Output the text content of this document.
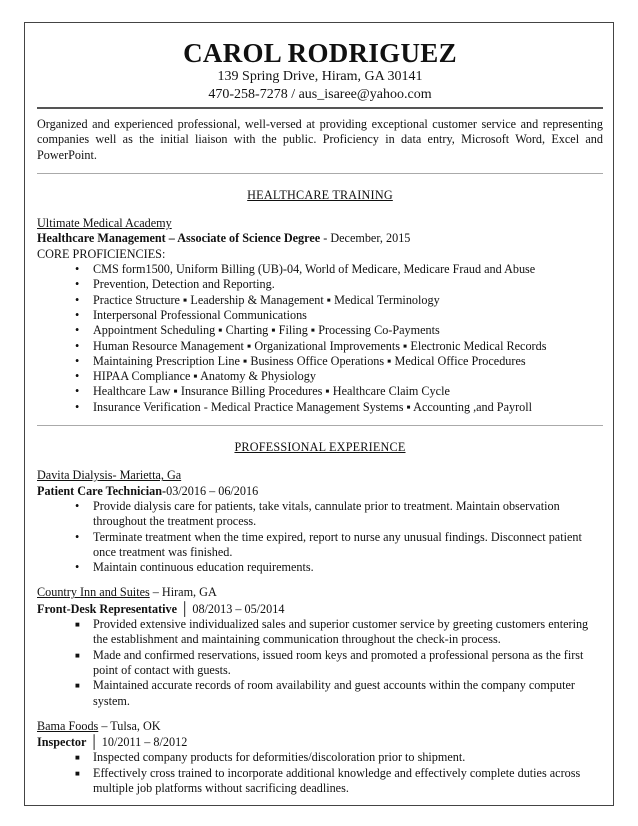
CAROL RODRIGUEZ

139 Spring Drive, Hiram, GA 30141

470-258-7278 / aus_isaree@yahoo.com

Organized and experienced professional, well-versed at providing exceptional customer service and representing companies well as the initial liaison with the public. Proficiency in data entry, Microsoft Word, Excel and PowerPoint.

HEALTHCARE TRAINING

Ultimate Medical Academy

Healthcare Management – Associate of Science Degree - December, 2015

CORE PROFICIENCIES:

• CMS form1500, Uniform Billing (UB)-04, World of Medicare, Medicare Fraud and Abuse
• Prevention, Detection and Reporting.
• Practice Structure ▪ Leadership & Management ▪ Medical Terminology
• Interpersonal Professional Communications
• Appointment Scheduling ▪ Charting ▪ Filing ▪ Processing Co-Payments
• Human Resource Management ▪ Organizational Improvements ▪ Electronic Medical Records
• Maintaining Prescription Line ▪ Business Office Operations ▪ Medical Office Procedures
• HIPAA Compliance ▪ Anatomy & Physiology
• Healthcare Law ▪ Insurance Billing Procedures ▪ Healthcare Claim Cycle
• Insurance Verification - Medical Practice Management Systems ▪ Accounting ,and Payroll

PROFESSIONAL EXPERIENCE

Davita Dialysis- Marietta, Ga

Patient Care Technician-03/2016 – 06/2016

• Provide dialysis care for patients, take vitals, cannulate prior to treatment. Maintain observation throughout the treatment process.
• Terminate treatment when the time expired, report to nurse any unusual findings. Disconnect patient once treatment was finished.
• Maintain continuous education requirements.

Country Inn and Suites – Hiram, GA

Front-Desk Representative │ 08/2013 – 05/2014

■ Provided extensive individualized sales and superior customer service by greeting customers entering the establishment and maintaining communication throughout the check-in process.
■ Made and confirmed reservations, issued room keys and promoted a professional persona as the first point of contact with guests.
■ Maintained accurate records of room availability and guest accounts within the company computer system.

Bama Foods – Tulsa, OK

Inspector │ 10/2011 – 8/2012

■ Inspected company products for deformities/discoloration prior to shipment.
■ Effectively cross trained to incorporate additional knowledge and effectively complete duties across multiple job platforms without sacrificing deadlines.
